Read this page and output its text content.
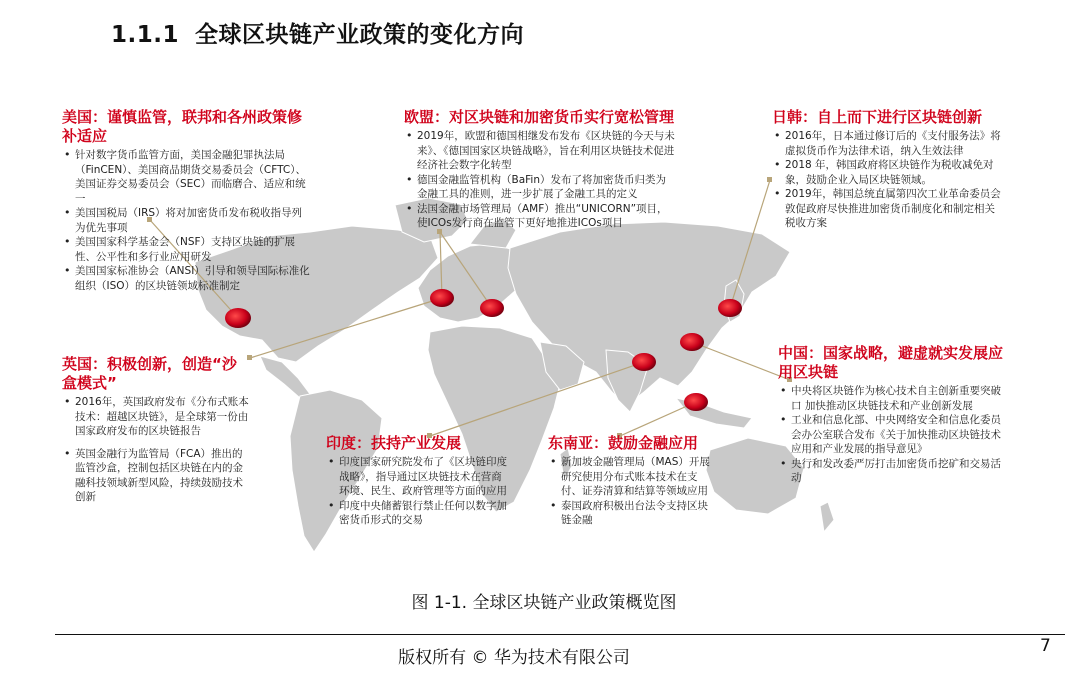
1.1.1 全球区块链产业政策的变化方向
美国：谨慎监管，联邦和各州政策修补适应
• 针对数字货币监管方面，美国金融犯罪执法局（FinCEN）、美国商品期货交易委员会（CFTC）、美国证券交易委员会（SEC）而临磨合、适应和统一
• 美国国税局（IRS）将对加密货币发布税收指导列为优先事项
• 美国国家科学基金会（NSF）支持区块链的扩展性、公平性和多行业应用研发
• 美国国家标准协会（ANSI）引导和领导国际标准化组织（ISO）的区块链领域标准制定
欧盟：对区块链和加密货币实行宽松管理
• 2019年，欧盟和德国相继发布发布《区块链的今天与未来》、《德国国家区块链战略》，旨在利用区块链技术促进经济社会数字化转型
• 德国金融监管机构（BaFin）发布了将加密货币归类为金融工具的准则，进一步扩展了金融工具的定义
• 法国金融市场管理局（AMF）推出“UNICORN”项目，使ICOs发行商在监管下更好地推进ICOs项目
日韩：自上而下进行区块链创新
• 2016年，日本通过修订后的《支付服务法》将虚拟货币作为法律术语，纳入生效法律
• 2018 年，韩国政府将区块链作为税收减免对象，鼓励企业入局区块链领域。
• 2019年，韩国总统直属第四次工业革命委员会敦促政府尽快推进加密货币制度化和制定相关税收方案
英国：积极创新，创造“沙盒模式”
• 2016年，英国政府发布《分布式账本技术：超越区块链》，是全球第一份由国家政府发布的区块链报告
• 英国金融行为监管局（FCA）推出的监管沙盒，控制包括区块链在内的金融科技领域新型风险，持续鼓励技术创新
印度：扶持产业发展
• 印度国家研究院发布了《区块链印度战略》，指导通过区块链技术在营商环境、民生、政府管理等方面的应用
• 印度中央储蓄银行禁止任何以数字加密货币形式的交易
东南亚：鼓励金融应用
• 新加坡金融管理局（MAS）开展研究使用分布式账本技术在支付、证券清算和结算等领域应用
• 泰国政府积极出台法令支持区块链金融
中国：国家战略，避虚就实发展应用区块链
• 中央将区块链作为核心技术自主创新重要突破口 加快推动区块链技术和产业创新发展
• 工业和信息化部、中央网络安全和信息化委员会办公室联合发布《关于加快推动区块链技术应用和产业发展的指导意见》
• 央行和发改委严厉打击加密货币挖矿和交易活动
图 1-1. 全球区块链产业政策概览图
版权所有 © 华为技术有限公司
7
